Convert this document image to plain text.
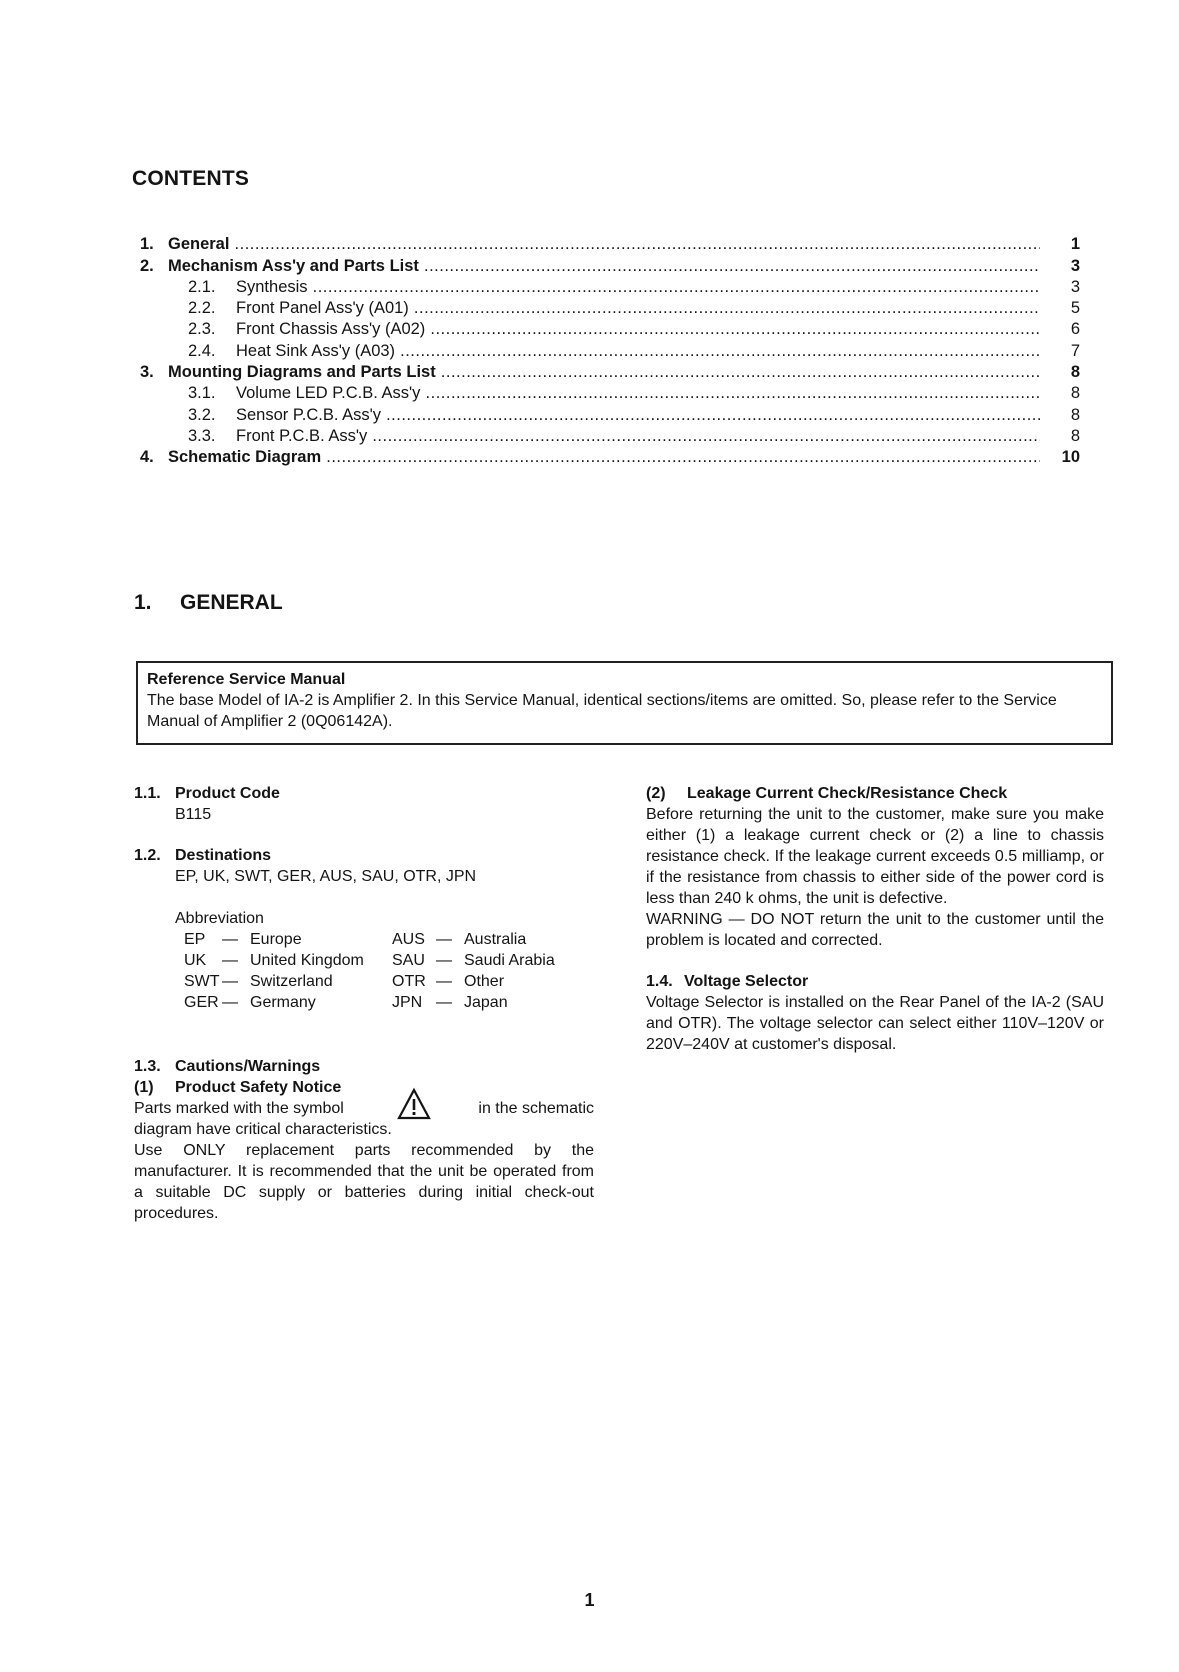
CONTENTS
1. General .....	1
2. Mechanism Ass'y and Parts List .....	3
2.1.	Synthesis .....	3
2.2.	Front Panel Ass'y (A01) .....	5
2.3.	Front Chassis Ass'y (A02) .....	6
2.4.	Heat Sink Ass'y (A03) .....	7
3. Mounting Diagrams and Parts List .....	8
3.1.	Volume LED P.C.B. Ass'y .....	8
3.2.	Sensor P.C.B. Ass'y .....	8
3.3.	Front P.C.B. Ass'y .....	8
4. Schematic Diagram .....	10
1. GENERAL
Reference Service Manual
The base Model of IA-2 is Amplifier 2. In this Service Manual, identical sections/items are omitted. So, please refer to the Service Manual of Amplifier 2 (0Q06142A).

1.1. Product Code

B115

1.2. Destinations

EP, UK, SWT, GER, AUS, SAU, OTR, JPN

Abbreviation

EP	—	Europe	AUS	—	Australia
UK	—	United Kingdom	SAU	—	Saudi Arabia
SWT	—	Switzerland	OTR	—	Other
GER	—	Germany	JPN	—	Japan

1.3. Cautions/Warnings

(1) Product Safety Notice

Parts marked with the symbol	in the schematic

diagram have critical characteristics.

Use ONLY replacement parts recommended by the manufacturer. It is recommended that the unit be operated from a suitable DC supply or batteries during initial check-out procedures.

(2) Leakage Current Check/Resistance Check

Before returning the unit to the customer, make sure you make either (1) a leakage current check or (2) a line to chassis resistance check. If the leakage current exceeds 0.5 milliamp, or if the resistance from chassis to either side of the power cord is less than 240 k ohms, the unit is defective.

WARNING — DO NOT return the unit to the customer until the problem is located and corrected.

1.4. Voltage Selector

Voltage Selector is installed on the Rear Panel of the IA-2 (SAU and OTR). The voltage selector can select either 110V–120V or 220V–240V at customer's disposal.

1
